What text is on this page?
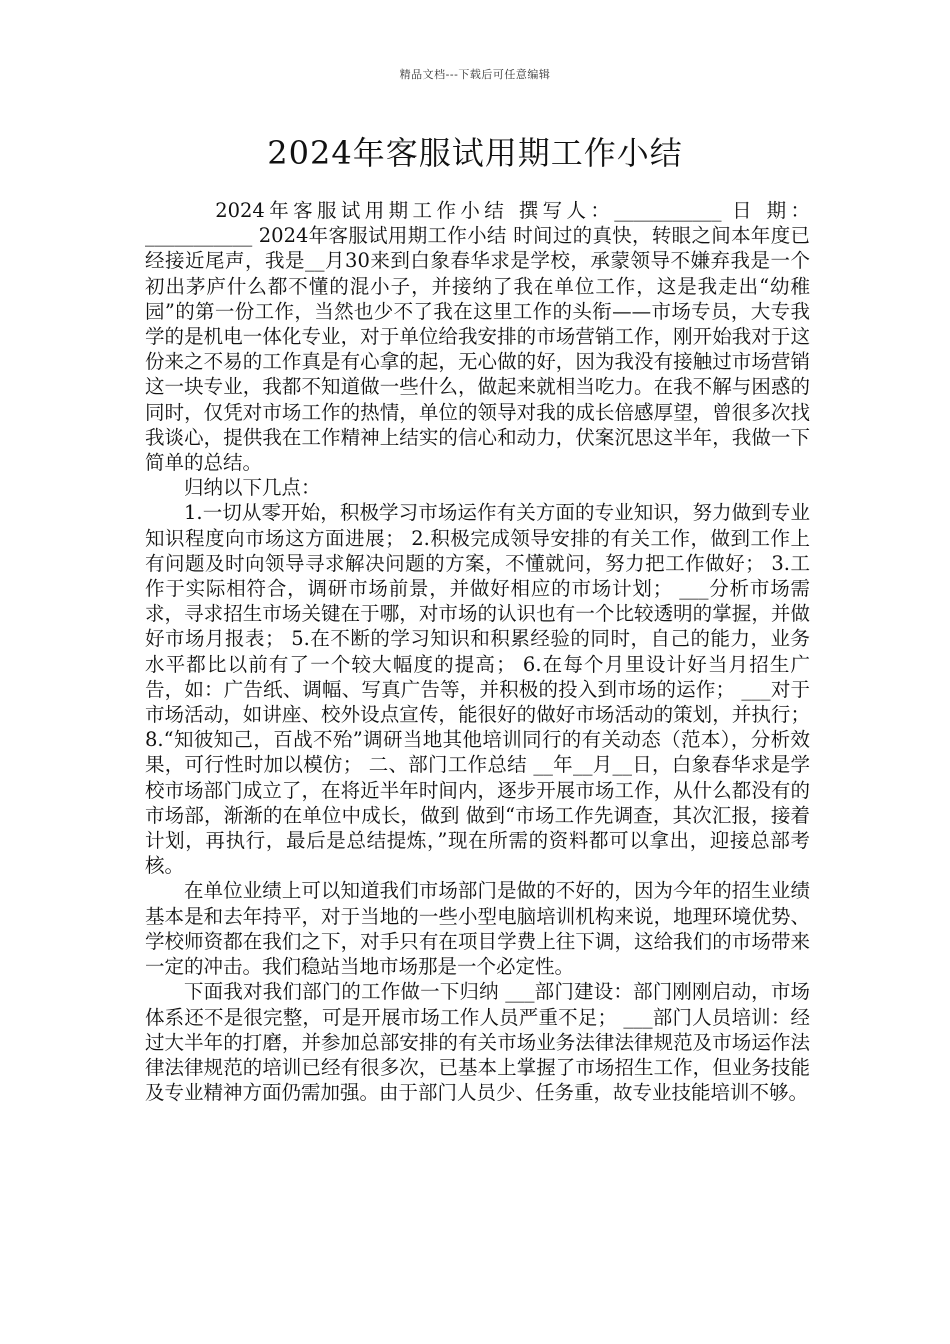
精品文档---下载后可任意编辑
2024年客服试用期工作小结

2024年客服试用期工作小结 撰写人：___________ 日 期：___________ 2024年客服试用期工作小结 时间过的真快，转眼之间本年度已经接近尾声，我是__月30来到白象春华求是学校，承蒙领导不嫌弃我是一个初出茅庐什么都不懂的混小子，并接纳了我在单位工作，这是我走出“幼稚园”的第一份工作，当然也少不了我在这里工作的头衔——市场专员，大专我学的是机电一体化专业，对于单位给我安排的市场营销工作，刚开始我对于这份来之不易的工作真是有心拿的起，无心做的好，因为我没有接触过市场营销这一块专业，我都不知道做一些什么，做起来就相当吃力。在我不解与困惑的同时，仅凭对市场工作的热情，单位的领导对我的成长倍感厚望，曾很多次找我谈心，提供我在工作精神上结实的信心和动力，伏案沉思这半年，我做一下简单的总结。

归纳以下几点：

1.一切从零开始，积极学习市场运作有关方面的专业知识，努力做到专业知识程度向市场这方面进展； 2.积极完成领导安排的有关工作，做到工作上有问题及时向领导寻求解决问题的方案，不懂就问，努力把工作做好； 3.工作于实际相符合，调研市场前景，并做好相应的市场计划； ___分析市场需求，寻求招生市场关键在于哪，对市场的认识也有一个比较透明的掌握，并做好市场月报表； 5.在不断的学习知识和积累经验的同时，自己的能力，业务水平都比以前有了一个较大幅度的提高； 6.在每个月里设计好当月招生广告，如：广告纸、调幅、写真广告等，并积极的投入到市场的运作； ___对于市场活动，如讲座、校外设点宣传，能很好的做好市场活动的策划，并执行； 8.“知彼知己，百战不殆”调研当地其他培训同行的有关动态（范本），分析效果，可行性时加以模仿； 二、部门工作总结 __年__月__日，白象春华求是学校市场部门成立了，在将近半年时间内，逐步开展市场工作，从什么都没有的市场部，渐渐的在单位中成长，做到 做到“市场工作先调查，其次汇报，接着计划，再执行，最后是总结提炼，”现在所需的资料都可以拿出，迎接总部考核。

在单位业绩上可以知道我们市场部门是做的不好的，因为今年的招生业绩基本是和去年持平，对于当地的一些小型电脑培训机构来说，地理环境优势、学校师资都在我们之下，对手只有在项目学费上往下调，这给我们的市场带来一定的冲击。我们稳站当地市场那是一个必定性。

下面我对我们部门的工作做一下归纳 ___部门建设：部门刚刚启动，市场体系还不是很完整，可是开展市场工作人员严重不足； ___部门人员培训：经过大半年的打磨，并参加总部安排的有关市场业务法律法律规范及市场运作法律法律规范的培训已经有很多次，已基本上掌握了市场招生工作，但业务技能及专业精神方面仍需加强。由于部门人员少、任务重，故专业技能培训不够。
